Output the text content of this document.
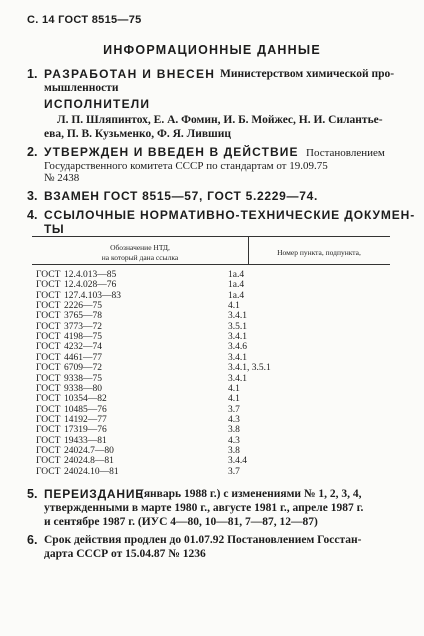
С. 14 ГОСТ 8515—75
ИНФОРМАЦИОННЫЕ ДАННЫЕ
1. РАЗРАБОТАН И ВНЕСЕН Министерством химической про-
мышленности
ИСПОЛНИТЕЛИ
Л. П. Шляпинтох, Е. А. Фомин, И. Б. Мойжес, Н. И. Силантье-
ева, П. В. Кузьменко, Ф. Я. Лившиц
2. УТВЕРЖДЕН И ВВЕДЕН В ДЕЙСТВИЕ Постановлением
Государственного комитета СССР по стандартам от 19.09.75
№ 2438
3. ВЗАМЕН ГОСТ 8515—57, ГОСТ 5.2229—74.
4. ССЫЛОЧНЫЕ НОРМАТИВНО-ТЕХНИЧЕСКИЕ ДОКУМЕН-
ТЫ
Обозначение НТД,
на который дана ссылка
Номер пункта, подпункта,
ГОСТ 12.4.013—85	1а.4
ГОСТ 12.4.028—76	1а.4
ГОСТ 127.4.103—83	1а.4
ГОСТ 2226—75	4.1
ГОСТ 3765—78	3.4.1
ГОСТ 3773—72	3.5.1
ГОСТ 4198—75	3.4.1
ГОСТ 4232—74	3.4.6
ГОСТ 4461—77	3.4.1
ГОСТ 6709—72	3.4.1, 3.5.1
ГОСТ 9338—75	3.4.1
ГОСТ 9338—80	4.1
ГОСТ 10354—82	4.1
ГОСТ 10485—76	3.7
ГОСТ 14192—77	4.3
ГОСТ 17319—76	3.8
ГОСТ 19433—81	4.3
ГОСТ 24024.7—80	3.8
ГОСТ 24024.8—81	3.4.4
ГОСТ 24024.10—81	3.7
5. ПЕРЕИЗДАНИЕ
(январь 1988 г.) с изменениями № 1, 2, 3, 4,
утвержденными в марте 1980 г., августе 1981 г., апреле 1987 г.
и сентябре 1987 г. (ИУС 4—80, 10—81, 7—87, 12—87)
6. Срок действия продлен до 01.07.92 Постановлением Госстан-
дарта СССР от 15.04.87 № 1236
